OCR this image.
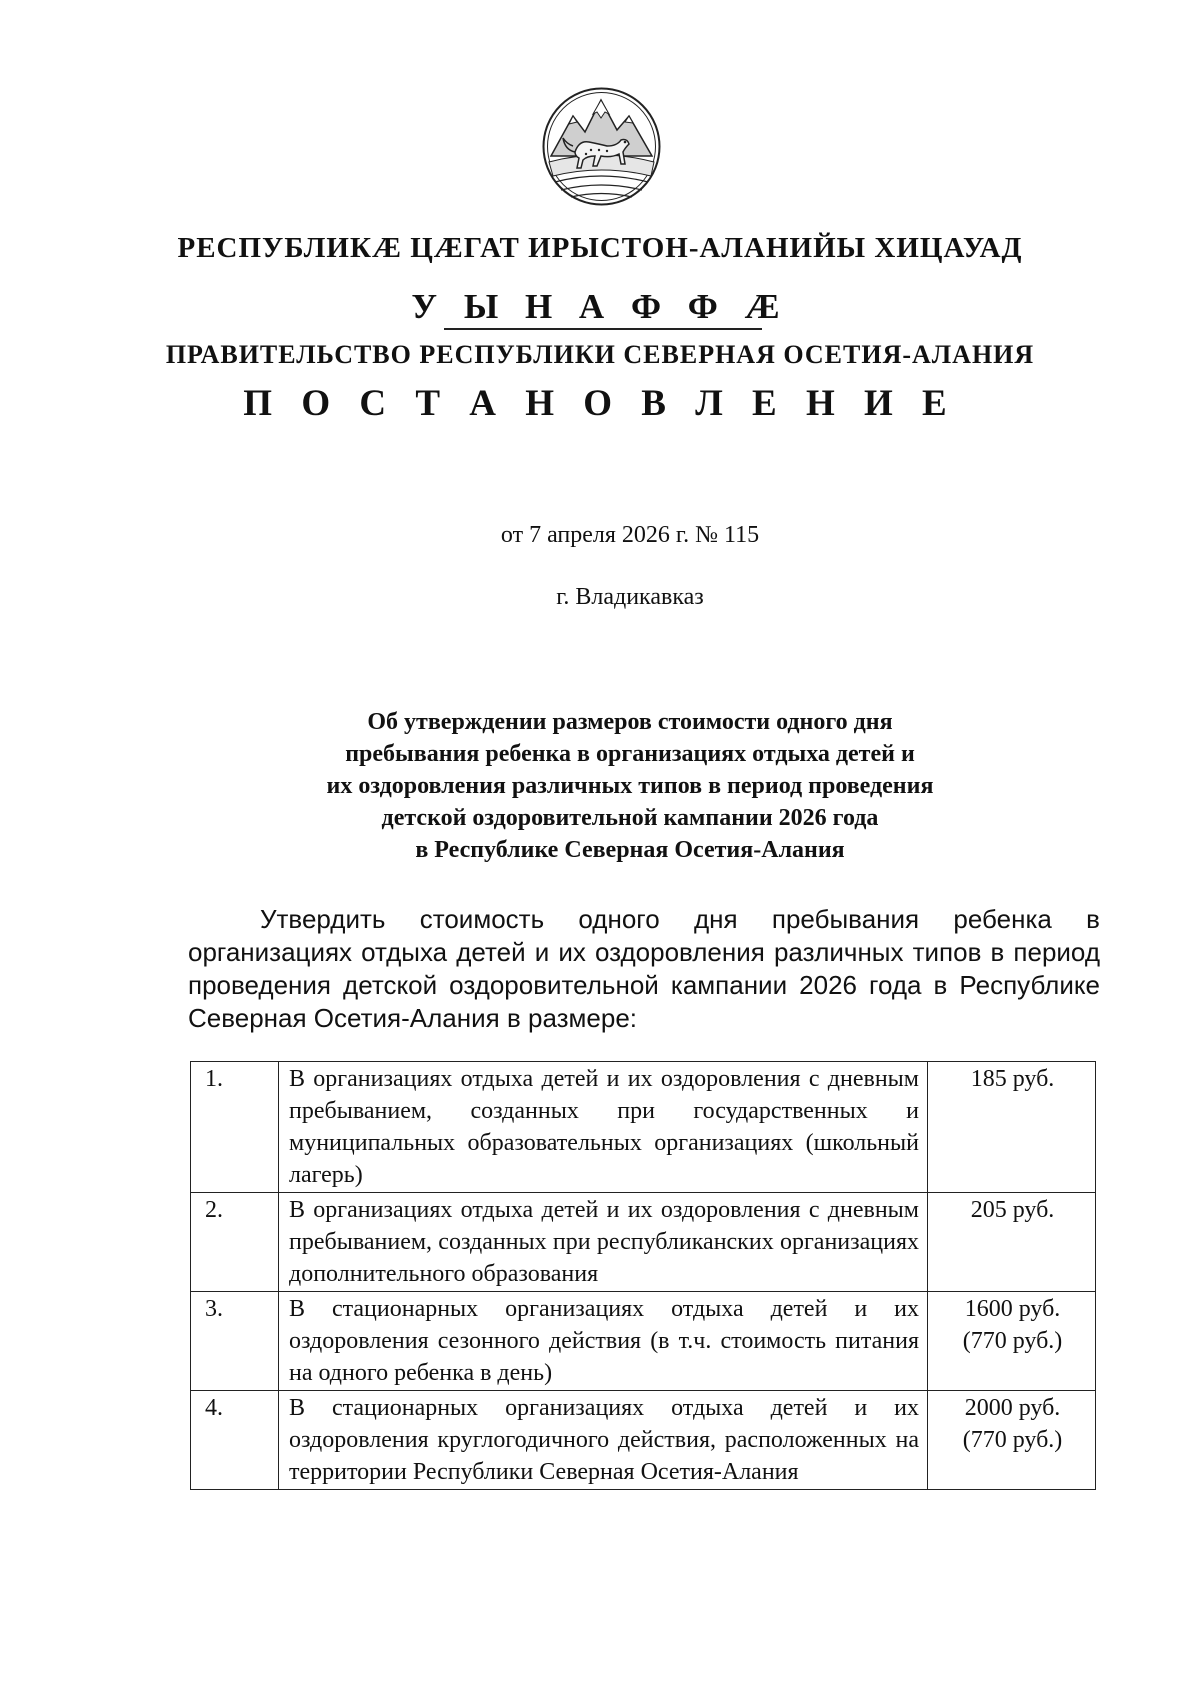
РЕСПУБЛИКӔ ЦӔГАТ ИРЫСТОН-АЛАНИЙЫ ХИЦАУАД
У Ы Н А Ф Ф Ӕ
ПРАВИТЕЛЬСТВО РЕСПУБЛИКИ СЕВЕРНАЯ ОСЕТИЯ-АЛАНИЯ
П О С Т А Н О В Л Е Н И Е
от 7 апреля 2026 г. № 115
г. Владикавказ
Об утверждении размеров стоимости одного дня
пребывания ребенка в организациях отдыха детей и
их оздоровления различных типов в период проведения
детской оздоровительной кампании 2026 года
в Республике Северная Осетия-Алания
Утвердить стоимость одного дня пребывания ребенка в организациях отдыха детей и их оздоровления различных типов в период проведения детской оздоровительной кампании 2026 года в Республике Северная Осетия-Алания в размере:
1.	В организациях отдыха детей и их оздоровления с дневным пребыванием, созданных при государственных и муниципальных образовательных организациях (школьный лагерь)	185 руб.

2.	В организациях отдыха детей и их оздоровления с дневным пребыванием, созданных при республиканских организациях дополнительного образования	205 руб.

3.	В стационарных организациях отдыха детей и их оздоровления сезонного действия (в т.ч. стоимость питания на одного ребенка в день)	1600 руб.
(770 руб.)

4.	В стационарных организациях отдыха детей и их оздоровления круглогодичного действия, расположенных на территории Республики Северная Осетия-Алания	2000 руб.
(770 руб.)
